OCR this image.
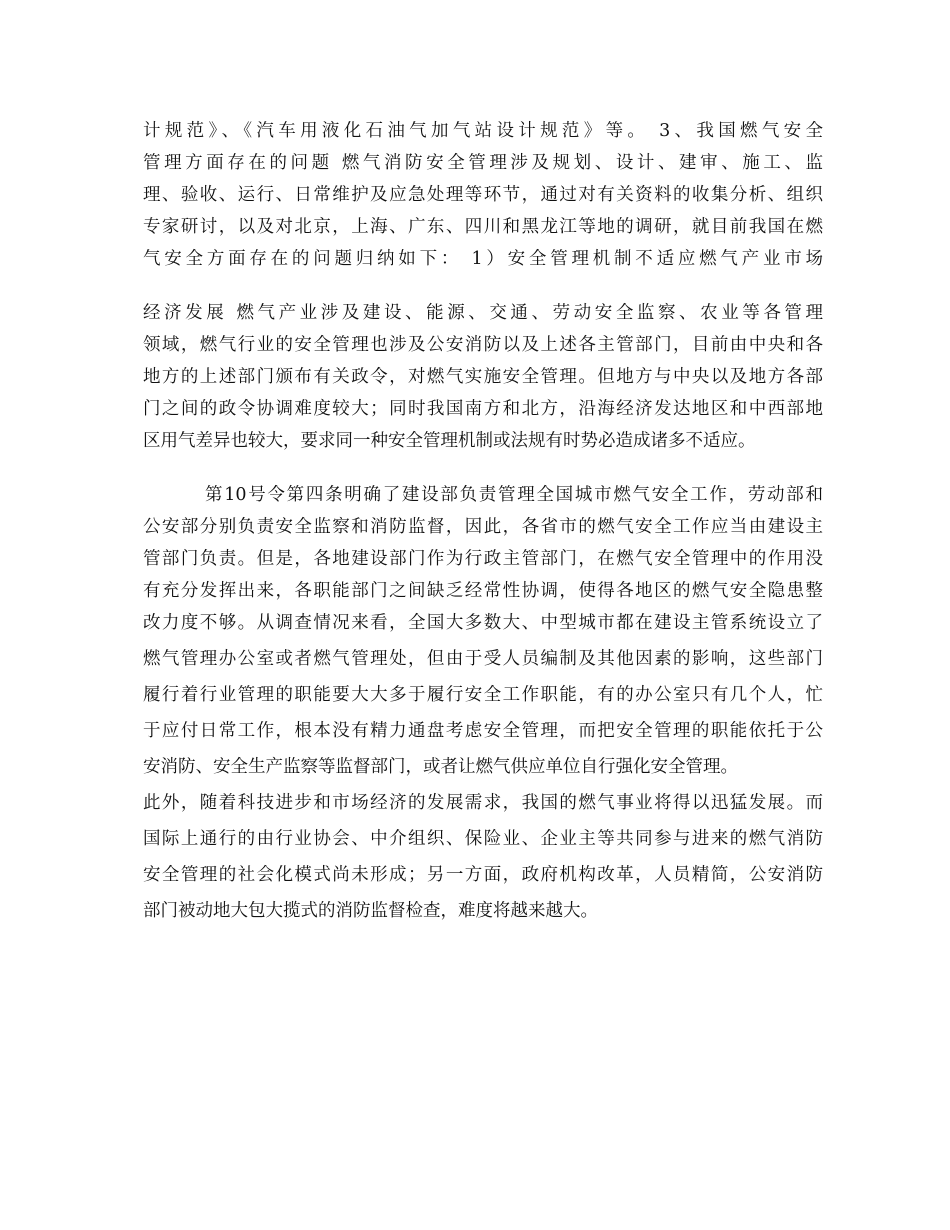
计规范》、《汽车用液化石油气加气站设计规范》等。 3、我国燃气安全
管理方面存在的问题 燃气消防安全管理涉及规划、设计、建审、施工、监
理、验收、运行、日常维护及应急处理等环节，通过对有关资料的收集分析、组织
专家研讨，以及对北京，上海、广东、四川和黑龙江等地的调研，就目前我国在燃
气安全方面存在的问题归纳如下： 1）安全管理机制不适应燃气产业市场
经济发展 燃气产业涉及建设、能源、交通、劳动安全监察、农业等各管理
领域，燃气行业的安全管理也涉及公安消防以及上述各主管部门，目前由中央和各
地方的上述部门颁布有关政令，对燃气实施安全管理。但地方与中央以及地方各部
门之间的政令协调难度较大；同时我国南方和北方，沿海经济发达地区和中西部地
区用气差异也较大，要求同一种安全管理机制或法规有时势必造成诸多不适应。
第10号令第四条明确了建设部负责管理全国城市燃气安全工作，劳动部和
公安部分别负责安全监察和消防监督，因此，各省市的燃气安全工作应当由建设主
管部门负责。但是，各地建设部门作为行政主管部门，在燃气安全管理中的作用没
有充分发挥出来，各职能部门之间缺乏经常性协调，使得各地区的燃气安全隐患整
改力度不够。从调查情况来看，全国大多数大、中型城市都在建设主管系统设立了
燃气管理办公室或者燃气管理处，但由于受人员编制及其他因素的影响，这些部门
履行着行业管理的职能要大大多于履行安全工作职能，有的办公室只有几个人，忙
于应付日常工作，根本没有精力通盘考虑安全管理，而把安全管理的职能依托于公
安消防、安全生产监察等监督部门，或者让燃气供应单位自行强化安全管理。
此外，随着科技进步和市场经济的发展需求，我国的燃气事业将得以迅猛发展。而
国际上通行的由行业协会、中介组织、保险业、企业主等共同参与进来的燃气消防
安全管理的社会化模式尚未形成；另一方面，政府机构改革，人员精简，公安消防
部门被动地大包大揽式的消防监督检查，难度将越来越大。
